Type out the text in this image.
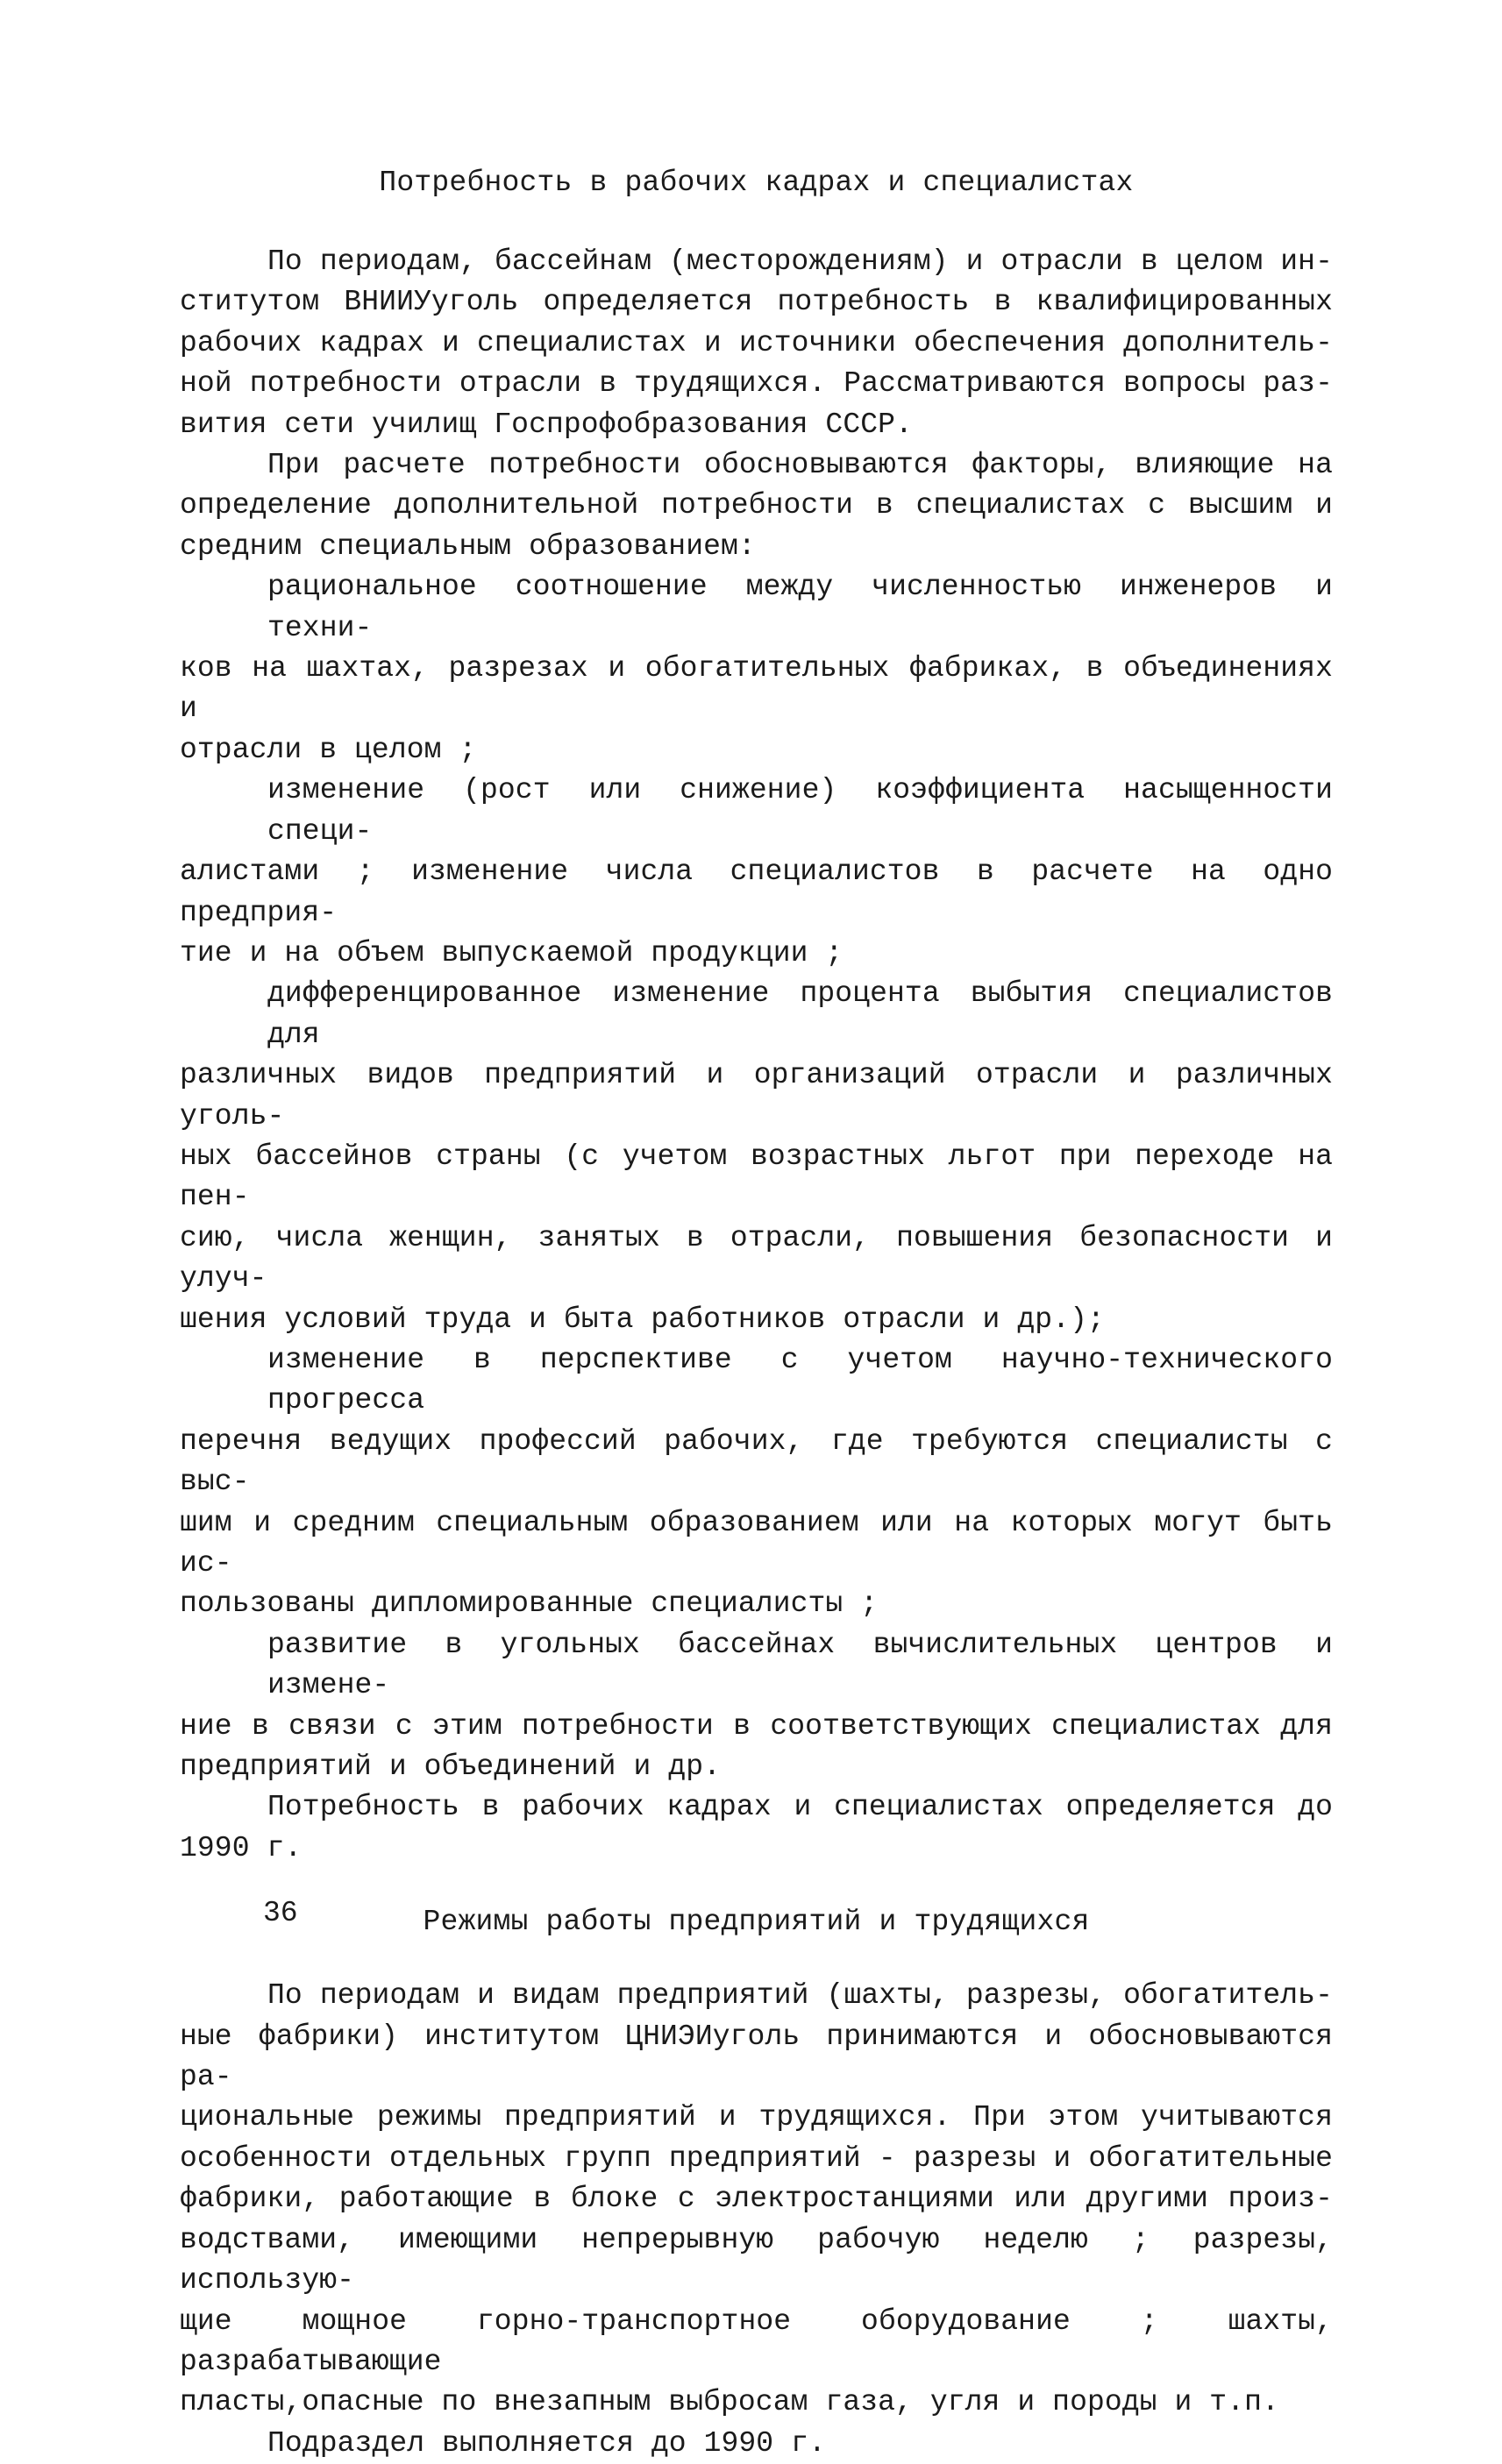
Потребность в рабочих кадрах и специалистах
По периодам, бассейнам (месторождениям) и отрасли в целом ин-
ститутом ВНИИУуголь определяется потребность в квалифицированных
рабочих кадрах и специалистах и источники обеспечения дополнитель-
ной потребности отрасли в трудящихся. Рассматриваются вопросы раз-
вития сети училищ Госпрофобразования СССР.
При расчете потребности обосновываются факторы, влияющие на
определение дополнительной потребности в специалистах с высшим и
средним специальным образованием:
рациональное соотношение между численностью инженеров и техни-
ков на шахтах, разрезах и обогатительных фабриках, в объединениях и
отрасли в целом ;
изменение (рост или снижение) коэффициента насыщенности специ-
алистами ; изменение числа специалистов в расчете на одно предприя-
тие и на объем выпускаемой продукции ;
дифференцированное изменение процента выбытия специалистов для
различных видов предприятий и организаций отрасли и различных уголь-
ных бассейнов страны (с учетом возрастных льгот при переходе на пен-
сию, числа женщин, занятых в отрасли, повышения безопасности и улуч-
шения условий труда и быта работников отрасли и др.);
изменение в перспективе с учетом научно-технического прогресса
перечня ведущих профессий рабочих, где требуются специалисты с выс-
шим и средним специальным образованием или на которых могут быть ис-
пользованы дипломированные специалисты ;
развитие в угольных бассейнах вычислительных центров и измене-
ние в связи с этим потребности в соответствующих специалистах для
предприятий и объединений и др.
Потребность в рабочих кадрах и специалистах определяется до
1990 г.
Режимы работы предприятий и трудящихся
По периодам и видам предприятий (шахты, разрезы, обогатитель-
ные фабрики) институтом ЦНИЭИуголь принимаются и обосновываются ра-
циональные режимы предприятий и трудящихся. При этом учитываются
особенности отдельных групп предприятий - разрезы и обогатительные
фабрики, работающие в блоке с электростанциями или другими произ-
водствами, имеющими непрерывную рабочую неделю ; разрезы, использую-
щие мощное горно-транспортное оборудование ; шахты, разрабатывающие
пласты,опасные по внезапным выбросам газа, угля и породы и т.п.
Подраздел выполняется до 1990 г.
36
